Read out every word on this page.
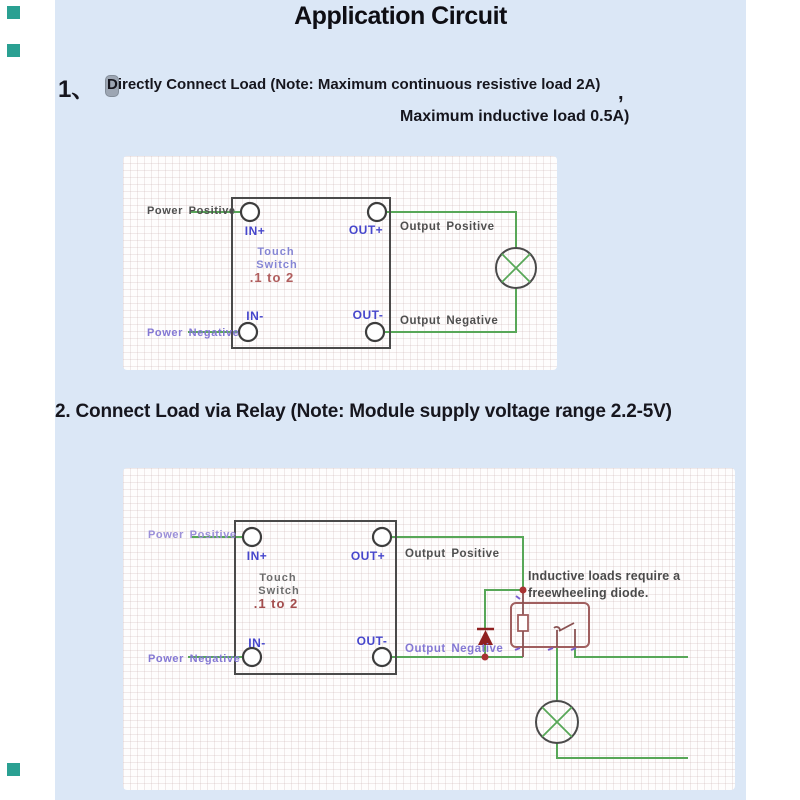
Application Circuit
1、 Directly Connect Load (Note: Maximum continuous resistive load 2A) ,
Maximum inductive load 0.5A)
Power Positive
Power Negative
IN+	OUT+
IN-	OUT-
Touch
Switch
.1 to 2
Output Positive
Output Negative
2. Connect Load via Relay (Note: Module supply voltage range 2.2-5V)
Power Positive
Power Negative
IN+	OUT+
IN-	OUT-
Touch
Switch
.1 to 2
Output Positive
Output Negative
Inductive loads require a
freewheeling diode.
